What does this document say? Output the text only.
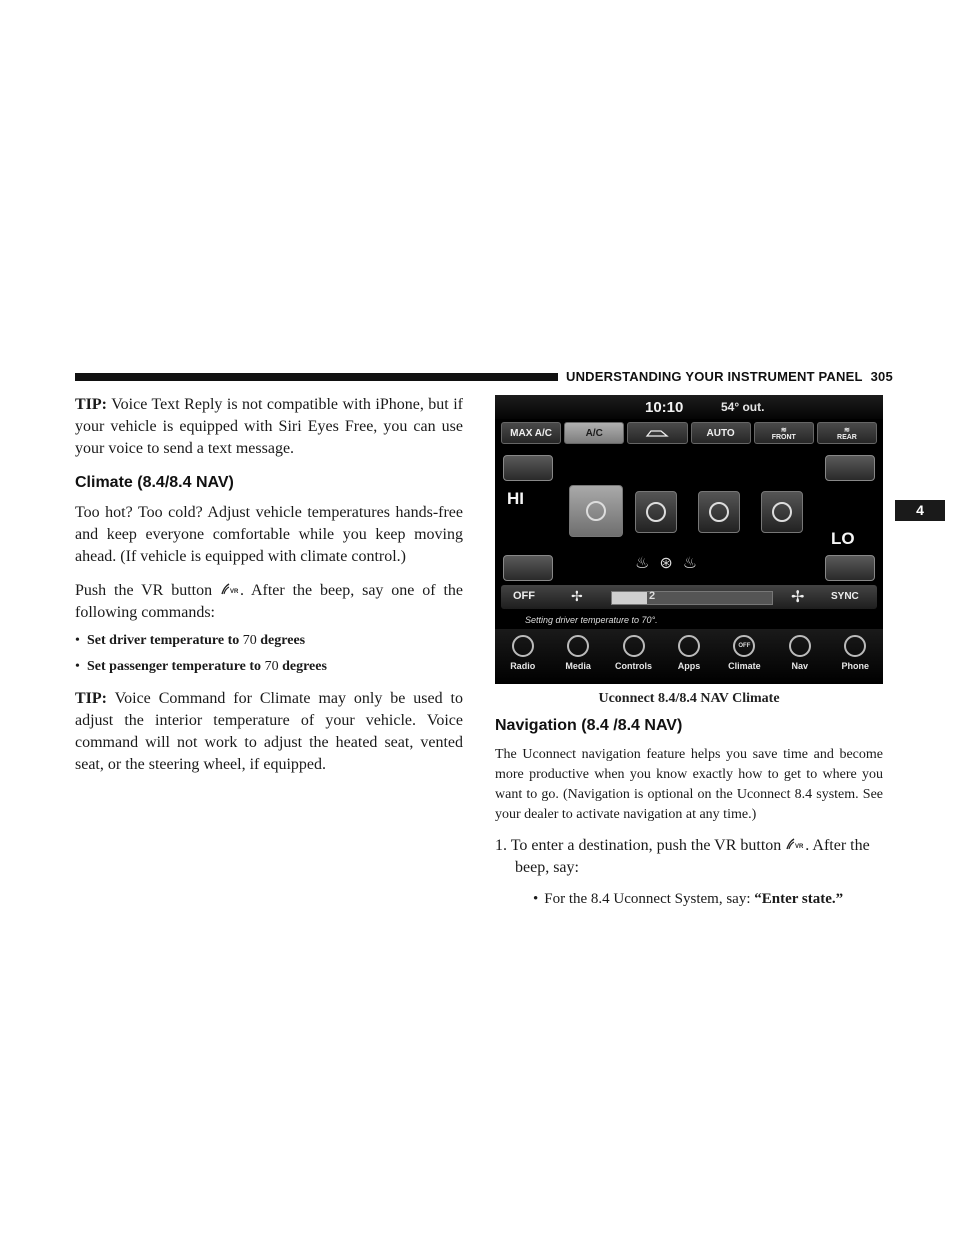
UNDERSTANDING YOUR INSTRUMENT PANEL 305
4

TIP: Voice Text Reply is not compatible with iPhone, but if your vehicle is equipped with Siri Eyes Free, you can use your voice to send a text message.

Climate (8.4/8.4 NAV)

Too hot? Too cold? Adjust vehicle temperatures hands-free and keep everyone comfortable while you keep moving ahead. (If vehicle is equipped with climate control.)

Push the VR button	VR . After the beep, say one of the following commands:

• Set driver temperature to 70 degrees
• Set passenger temperature to 70 degrees

TIP: Voice Command for Climate may only be used to adjust the interior temperature of your vehicle. Voice command will not work to adjust the heated seat, vented seat, or the steering wheel, if equipped.

10:10	54° out.
MAX A/C	A/C	AUTO	≋
FRONT
≋
REAR
HI
LO
♨⊛♨
OFF	✢	2	✢	SYNC
Setting driver temperature to 70°.
Radio	Media	Controls	Apps
OFF
Climate	Nav	Phone
Uconnect 8.4/8.4 NAV Climate
Navigation (8.4 /8.4 NAV)

The Uconnect navigation feature helps you save time and become more productive when you know exactly how to get to where you want to go. (Navigation is optional on the Uconnect 8.4 system. See your dealer to activate navigation at any time.)

1. To enter a destination, push the VR button VR . After the beep, say:
• For the 8.4 Uconnect System, say: “Enter state.”
